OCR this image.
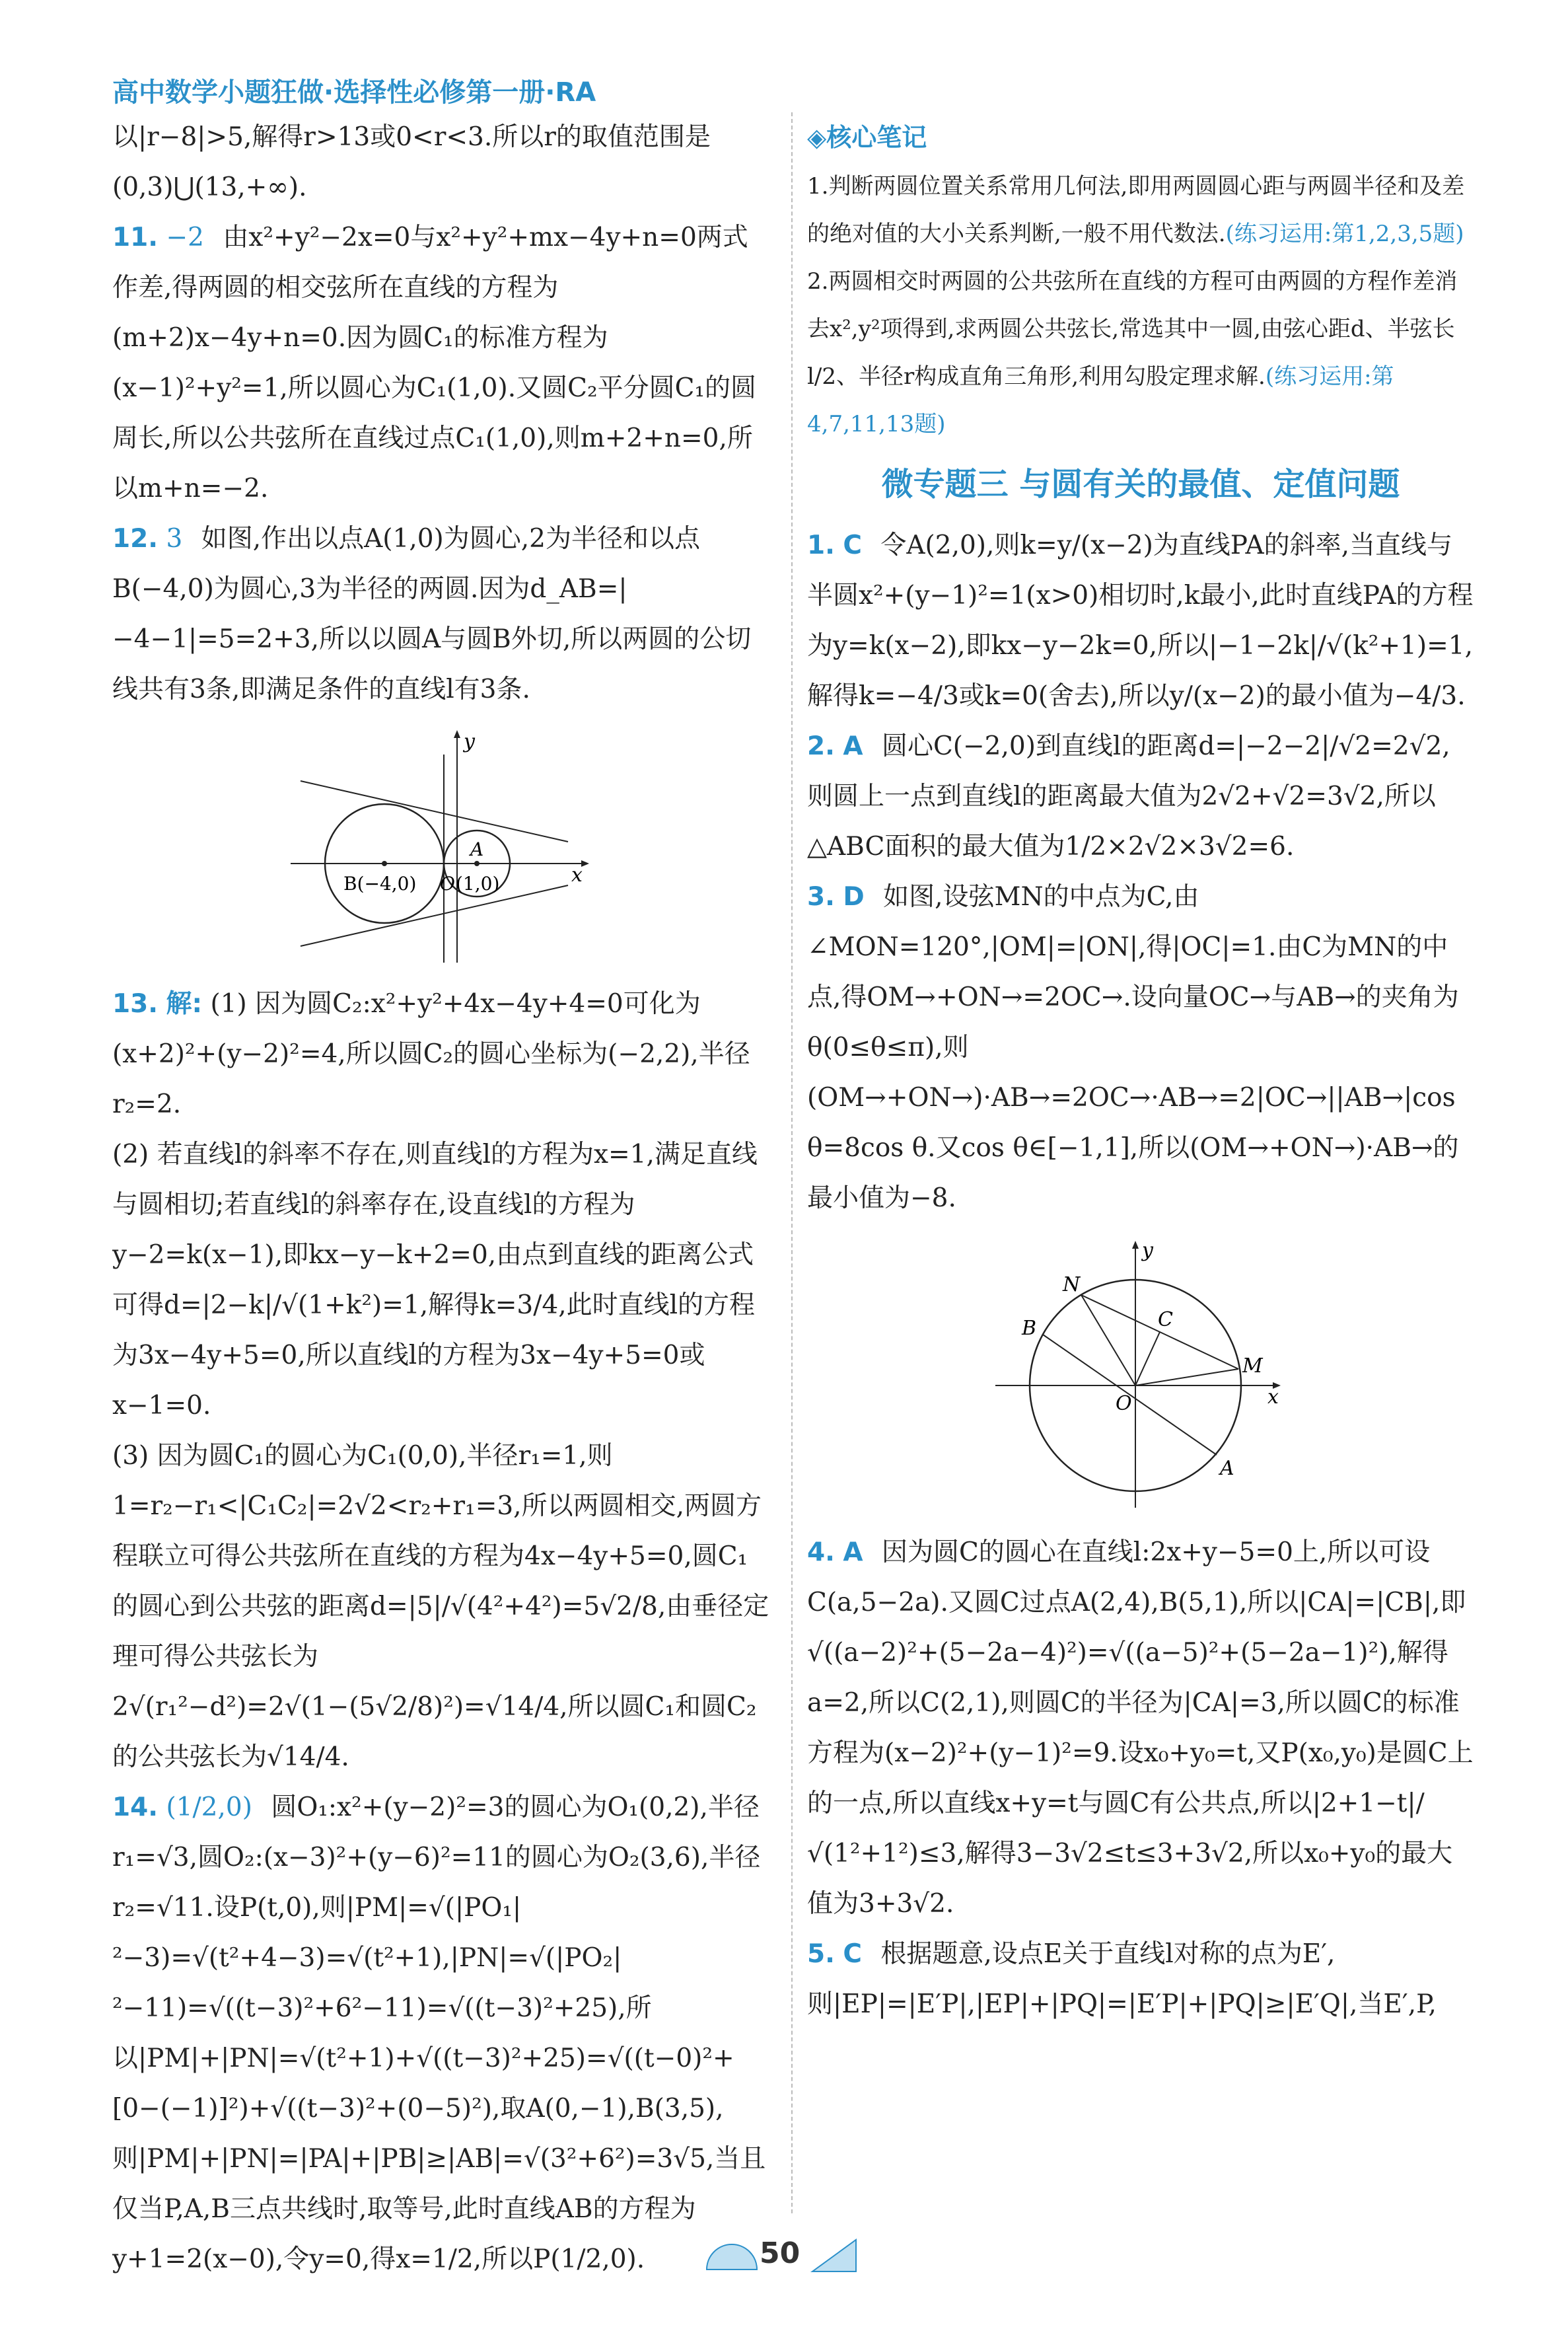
高中数学小题狂做·选择性必修第一册·RA

以|r−8|>5,解得r>13或0<r<3.所以r的取值范围是(0,3)⋃(13,+∞).

11. −2 由x²+y²−2x=0与x²+y²+mx−4y+n=0两式作差,得两圆的相交弦所在直线的方程为(m+2)x−4y+n=0.因为圆C₁的标准方程为(x−1)²+y²=1,所以圆心为C₁(1,0).又圆C₂平分圆C₁的圆周长,所以公共弦所在直线过点C₁(1,0),则m+2+n=0,所以m+n=−2.

12. 3 如图,作出以点A(1,0)为圆心,2为半径和以点B(−4,0)为圆心,3为半径的两圆.因为d_AB=|−4−1|=5=2+3,所以以圆A与圆B外切,所以两圆的公切线共有3条,即满足条件的直线l有3条.

y
x
B(−4,0) O
A
(1,0)

13. 解: (1) 因为圆C₂:x²+y²+4x−4y+4=0可化为(x+2)²+(y−2)²=4,所以圆C₂的圆心坐标为(−2,2),半径r₂=2.

(2) 若直线l的斜率不存在,则直线l的方程为x=1,满足直线与圆相切;若直线l的斜率存在,设直线l的方程为y−2=k(x−1),即kx−y−k+2=0,由点到直线的距离公式可得d=|2−k|/√(1+k²)=1,解得k=3/4,此时直线l的方程为3x−4y+5=0,所以直线l的方程为3x−4y+5=0或x−1=0.

(3) 因为圆C₁的圆心为C₁(0,0),半径r₁=1,则1=r₂−r₁<|C₁C₂|=2√2<r₂+r₁=3,所以两圆相交,两圆方程联立可得公共弦所在直线的方程为4x−4y+5=0,圆C₁的圆心到公共弦的距离d=|5|/√(4²+4²)=5√2/8,由垂径定理可得公共弦长为2√(r₁²−d²)=2√(1−(5√2/8)²)=√14/4,所以圆C₁和圆C₂的公共弦长为√14/4.

14. (1/2,0) 圆O₁:x²+(y−2)²=3的圆心为O₁(0,2),半径r₁=√3,圆O₂:(x−3)²+(y−6)²=11的圆心为O₂(3,6),半径r₂=√11.设P(t,0),则|PM|=√(|PO₁|²−3)=√(t²+4−3)=√(t²+1),|PN|=√(|PO₂|²−11)=√((t−3)²+6²−11)=√((t−3)²+25),所以|PM|+|PN|=√(t²+1)+√((t−3)²+25)=√((t−0)²+[0−(−1)]²)+√((t−3)²+(0−5)²),取A(0,−1),B(3,5),则|PM|+|PN|=|PA|+|PB|≥|AB|=√(3²+6²)=3√5,当且仅当P,A,B三点共线时,取等号,此时直线AB的方程为y+1=2(x−0),令y=0,得x=1/2,所以P(1/2,0).

◈核心笔记

1.判断两圆位置关系常用几何法,即用两圆圆心距与两圆半径和及差的绝对值的大小关系判断,一般不用代数法.(练习运用:第1,2,3,5题)

2.两圆相交时两圆的公共弦所在直线的方程可由两圆的方程作差消去x²,y²项得到,求两圆公共弦长,常选其中一圆,由弦心距d、半弦长l/2、半径r构成直角三角形,利用勾股定理求解.(练习运用:第4,7,11,13题)

微专题三 与圆有关的最值、定值问题

1. C 令A(2,0),则k=y/(x−2)为直线PA的斜率,当直线与半圆x²+(y−1)²=1(x>0)相切时,k最小,此时直线PA的方程为y=k(x−2),即kx−y−2k=0,所以|−1−2k|/√(k²+1)=1,解得k=−4/3或k=0(舍去),所以y/(x−2)的最小值为−4/3.

2. A 圆心C(−2,0)到直线l的距离d=|−2−2|/√2=2√2,则圆上一点到直线l的距离最大值为2√2+√2=3√2,所以△ABC面积的最大值为1/2×2√2×3√2=6.

3. D 如图,设弦MN的中点为C,由∠MON=120°,|OM|=|ON|,得|OC|=1.由C为MN的中点,得OM→+ON→=2OC→.设向量OC→与AB→的夹角为θ(0≤θ≤π),则(OM→+ON→)·AB→=2OC→·AB→=2|OC→||AB→|cos θ=8cos θ.又cos θ∈[−1,1],所以(OM→+ON→)·AB→的最小值为−8.

y
x
N
B	C
M
O
A

4. A 因为圆C的圆心在直线l:2x+y−5=0上,所以可设C(a,5−2a).又圆C过点A(2,4),B(5,1),所以|CA|=|CB|,即√((a−2)²+(5−2a−4)²)=√((a−5)²+(5−2a−1)²),解得a=2,所以C(2,1),则圆C的半径为|CA|=3,所以圆C的标准方程为(x−2)²+(y−1)²=9.设x₀+y₀=t,又P(x₀,y₀)是圆C上的一点,所以直线x+y=t与圆C有公共点,所以|2+1−t|/√(1²+1²)≤3,解得3−3√2≤t≤3+3√2,所以x₀+y₀的最大值为3+3√2.

5. C 根据题意,设点E关于直线l对称的点为E′,则|EP|=|E′P|,|EP|+|PQ|=|E′P|+|PQ|≥|E′Q|,当E′,P,

50
